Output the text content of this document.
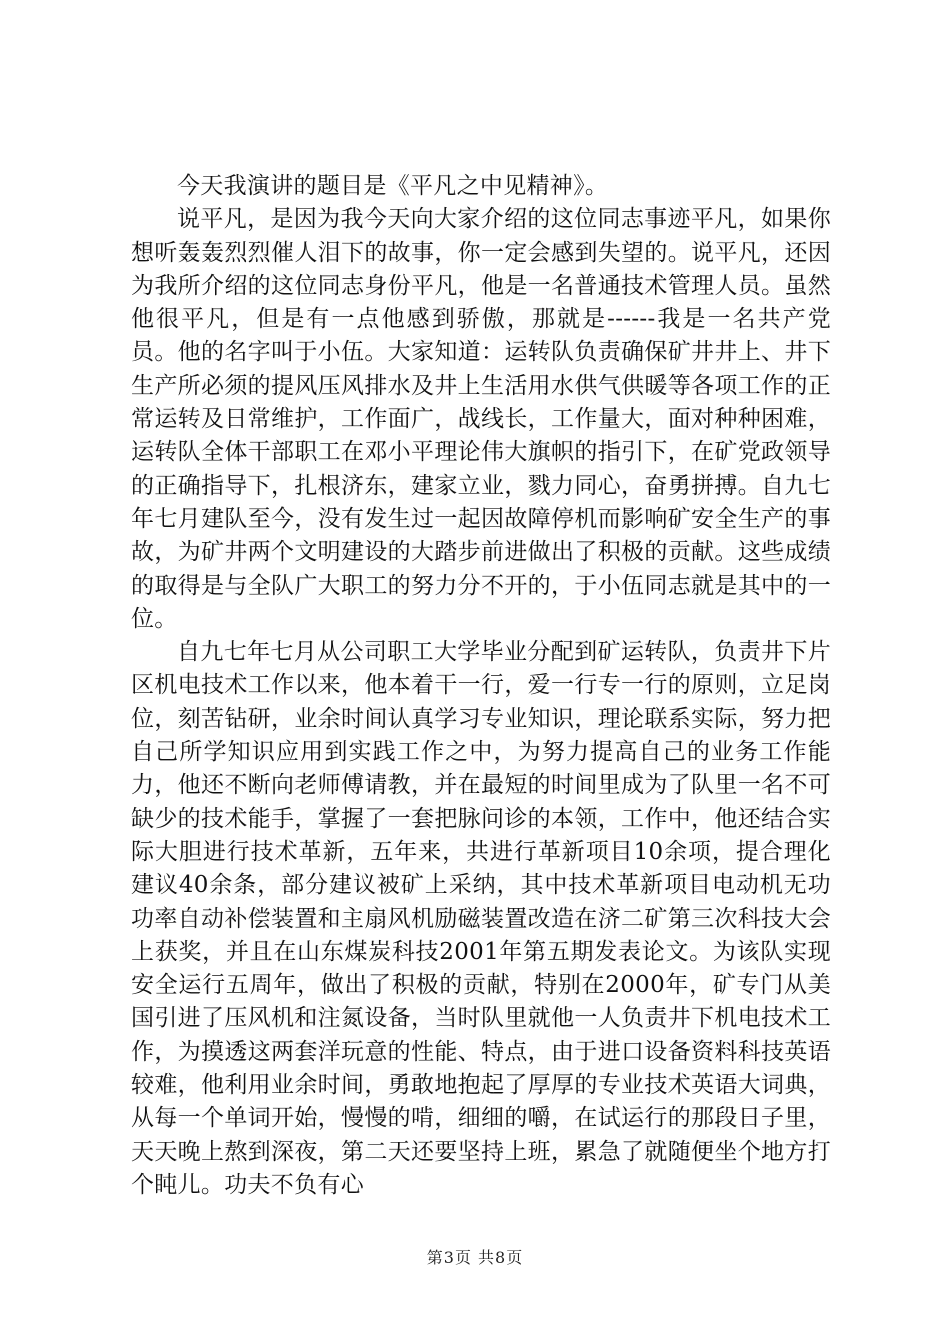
今天我演讲的题目是《平凡之中见精神》。

说平凡，是因为我今天向大家介绍的这位同志事迹平凡，如果你想听轰轰烈烈催人泪下的故事，你一定会感到失望的。说平凡，还因为我所介绍的这位同志身份平凡，他是一名普通技术管理人员。虽然他很平凡，但是有一点他感到骄傲，那就是------我是一名共产党员。他的名字叫于小伍。大家知道：运转队负责确保矿井井上、井下生产所必须的提风压风排水及井上生活用水供气供暖等各项工作的正常运转及日常维护，工作面广，战线长，工作量大，面对种种困难，运转队全体干部职工在邓小平理论伟大旗帜的指引下，在矿党政领导的正确指导下，扎根济东，建家立业，戮力同心，奋勇拼搏。自九七年七月建队至今，没有发生过一起因故障停机而影响矿安全生产的事故，为矿井两个文明建设的大踏步前进做出了积极的贡献。这些成绩的取得是与全队广大职工的努力分不开的，于小伍同志就是其中的一位。

自九七年七月从公司职工大学毕业分配到矿运转队，负责井下片区机电技术工作以来，他本着干一行，爱一行专一行的原则，立足岗位，刻苦钻研，业余时间认真学习专业知识，理论联系实际，努力把自己所学知识应用到实践工作之中，为努力提高自己的业务工作能力，他还不断向老师傅请教，并在最短的时间里成为了队里一名不可缺少的技术能手，掌握了一套把脉问诊的本领，工作中，他还结合实际大胆进行技术革新，五年来，共进行革新项目10余项，提合理化建议40余条，部分建议被矿上采纳，其中技术革新项目电动机无功功率自动补偿装置和主扇风机励磁装置改造在济二矿第三次科技大会上获奖，并且在山东煤炭科技2001年第五期发表论文。为该队实现安全运行五周年，做出了积极的贡献，特别在2000年，矿专门从美国引进了压风机和注氮设备，当时队里就他一人负责井下机电技术工作，为摸透这两套洋玩意的性能、特点，由于进口设备资料科技英语较难，他利用业余时间，勇敢地抱起了厚厚的专业技术英语大词典，从每一个单词开始，慢慢的啃，细细的嚼，在试运行的那段日子里，天天晚上熬到深夜，第二天还要坚持上班，累急了就随便坐个地方打个盹儿。功夫不负有心

第3页 共8页
